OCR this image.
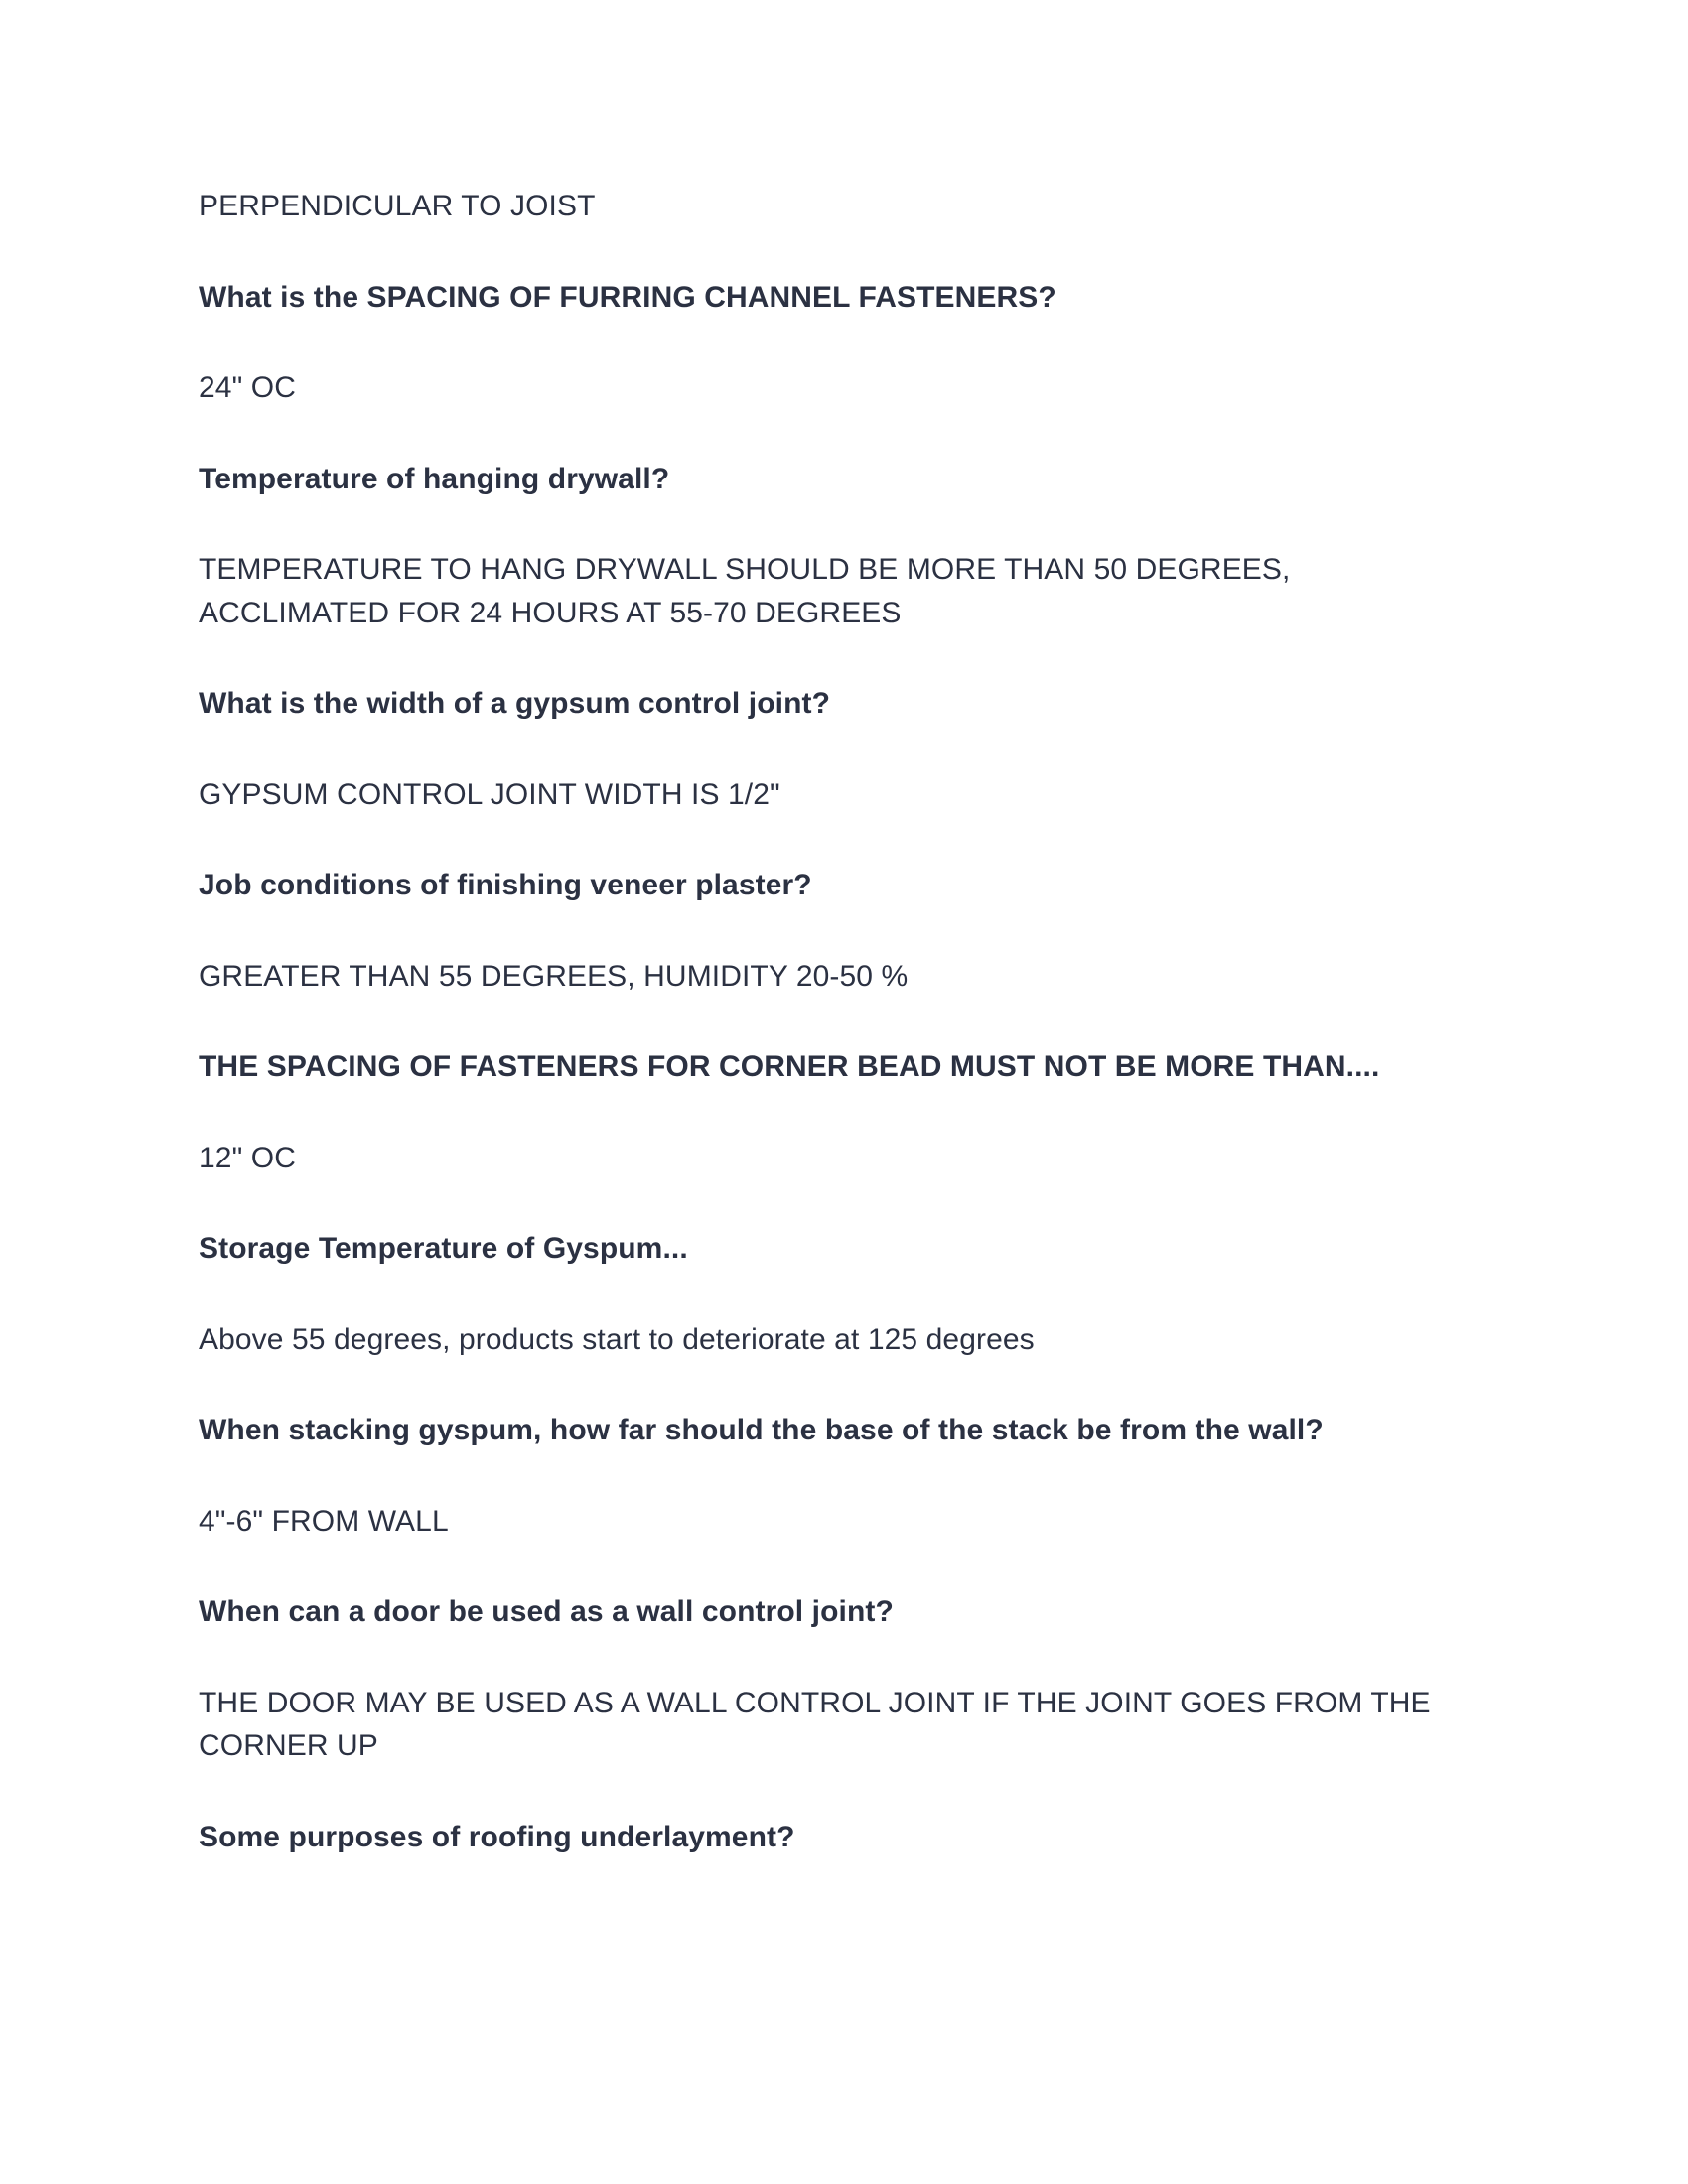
PERPENDICULAR TO JOIST

What is the SPACING OF FURRING CHANNEL FASTENERS?

24" OC

Temperature of hanging drywall?

TEMPERATURE TO HANG DRYWALL SHOULD BE MORE THAN 50 DEGREES, ACCLIMATED FOR 24 HOURS AT 55-70 DEGREES

What is the width of a gypsum control joint?

GYPSUM CONTROL JOINT WIDTH IS 1/2"

Job conditions of finishing veneer plaster?

GREATER THAN 55 DEGREES, HUMIDITY 20-50 %

THE SPACING OF FASTENERS FOR CORNER BEAD MUST NOT BE MORE THAN....

12" OC

Storage Temperature of Gyspum...

Above 55 degrees, products start to deteriorate at 125 degrees

When stacking gyspum, how far should the base of the stack be from the wall?

4"-6" FROM WALL

When can a door be used as a wall control joint?

THE DOOR MAY BE USED AS A WALL CONTROL JOINT IF THE JOINT GOES FROM THE CORNER UP

Some purposes of roofing underlayment?
